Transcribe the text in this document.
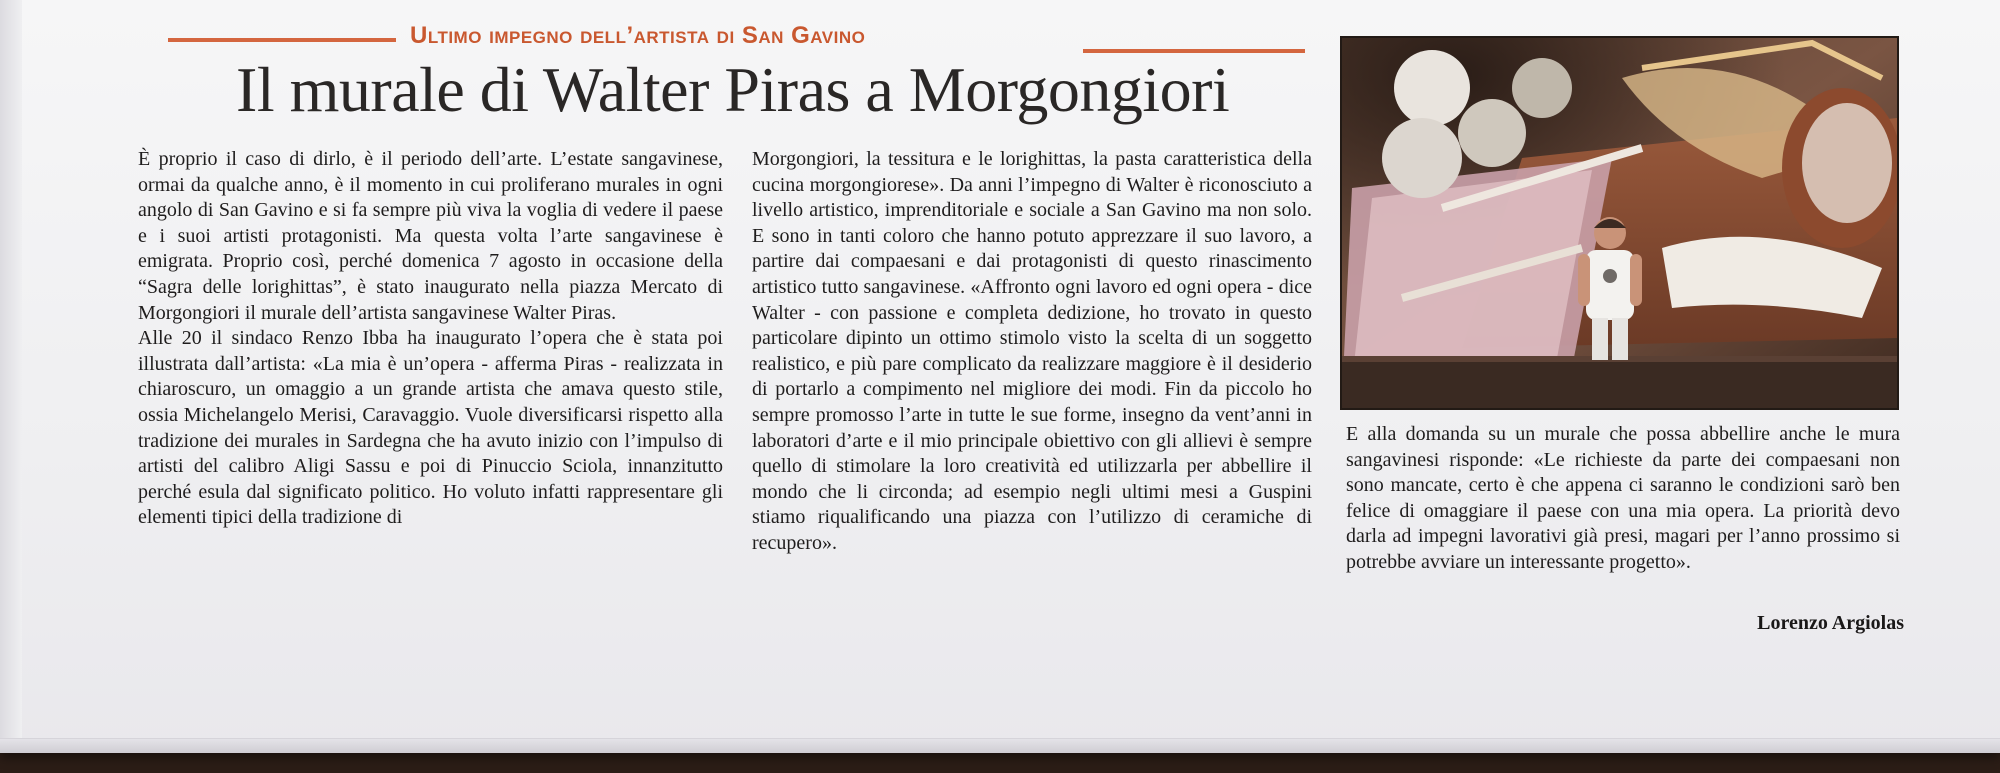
Ultimo impegno dell’artista di San Gavino
Il murale di Walter Piras a Morgongiori

È proprio il caso di dirlo, è il periodo dell’arte. L’estate sangavinese, ormai da qualche anno, è il momento in cui proliferano murales in ogni angolo di San Gavino e si fa sempre più viva la voglia di vedere il paese e i suoi artisti protagonisti. Ma questa volta l’arte sangavinese è emigrata. Proprio così, perché domenica 7 agosto in occasione della “Sagra delle lorighittas”, è stato inaugurato nella piazza Mercato di Morgongiori il murale dell’artista sangavinese Walter Piras.

Alle 20 il sindaco Renzo Ibba ha inaugurato l’opera che è stata poi illustrata dall’artista: «La mia è un’opera - afferma Piras - realizzata in chiaroscuro, un omaggio a un grande artista che amava questo stile, ossia Michelangelo Merisi, Caravaggio. Vuole diversificarsi rispetto alla tradizione dei murales in Sardegna che ha avuto inizio con l’impulso di artisti del calibro Aligi Sassu e poi di Pinuccio Sciola, innanzitutto perché esula dal significato politico. Ho voluto infatti rappresentare gli elementi tipici della tradizione di

Morgongiori, la tessitura e le lorighittas, la pasta caratteristica della cucina morgongiorese». Da anni l’impegno di Walter è riconosciuto a livello artistico, imprenditoriale e sociale a San Gavino ma non solo. E sono in tanti coloro che hanno potuto apprezzare il suo lavoro, a partire dai compaesani e dai protagonisti di questo rinascimento artistico tutto sangavinese. «Affronto ogni lavoro ed ogni opera - dice Walter - con passione e completa dedizione, ho trovato in questo particolare dipinto un ottimo stimolo visto la scelta di un soggetto realistico, e più pare complicato da realizzare maggiore è il desiderio di portarlo a compimento nel migliore dei modi. Fin da piccolo ho sempre promosso l’arte in tutte le sue forme, insegno da vent’anni in laboratori d’arte e il mio principale obiettivo con gli allievi è sempre quello di stimolare la loro creatività ed utilizzarla per abbellire il mondo che li circonda; ad esempio negli ultimi mesi a Guspini stiamo riqualificando una piazza con l’utilizzo di ceramiche di recupero».

E alla domanda su un murale che possa abbellire anche le mura sangavinesi risponde: «Le richieste da parte dei compaesani non sono mancate, certo è che appena ci saranno le condizioni sarò ben felice di omaggiare il paese con una mia opera. La priorità devo darla ad impegni lavorativi già presi, magari per l’anno prossimo si potrebbe avviare un interessante progetto».

Lorenzo Argiolas
